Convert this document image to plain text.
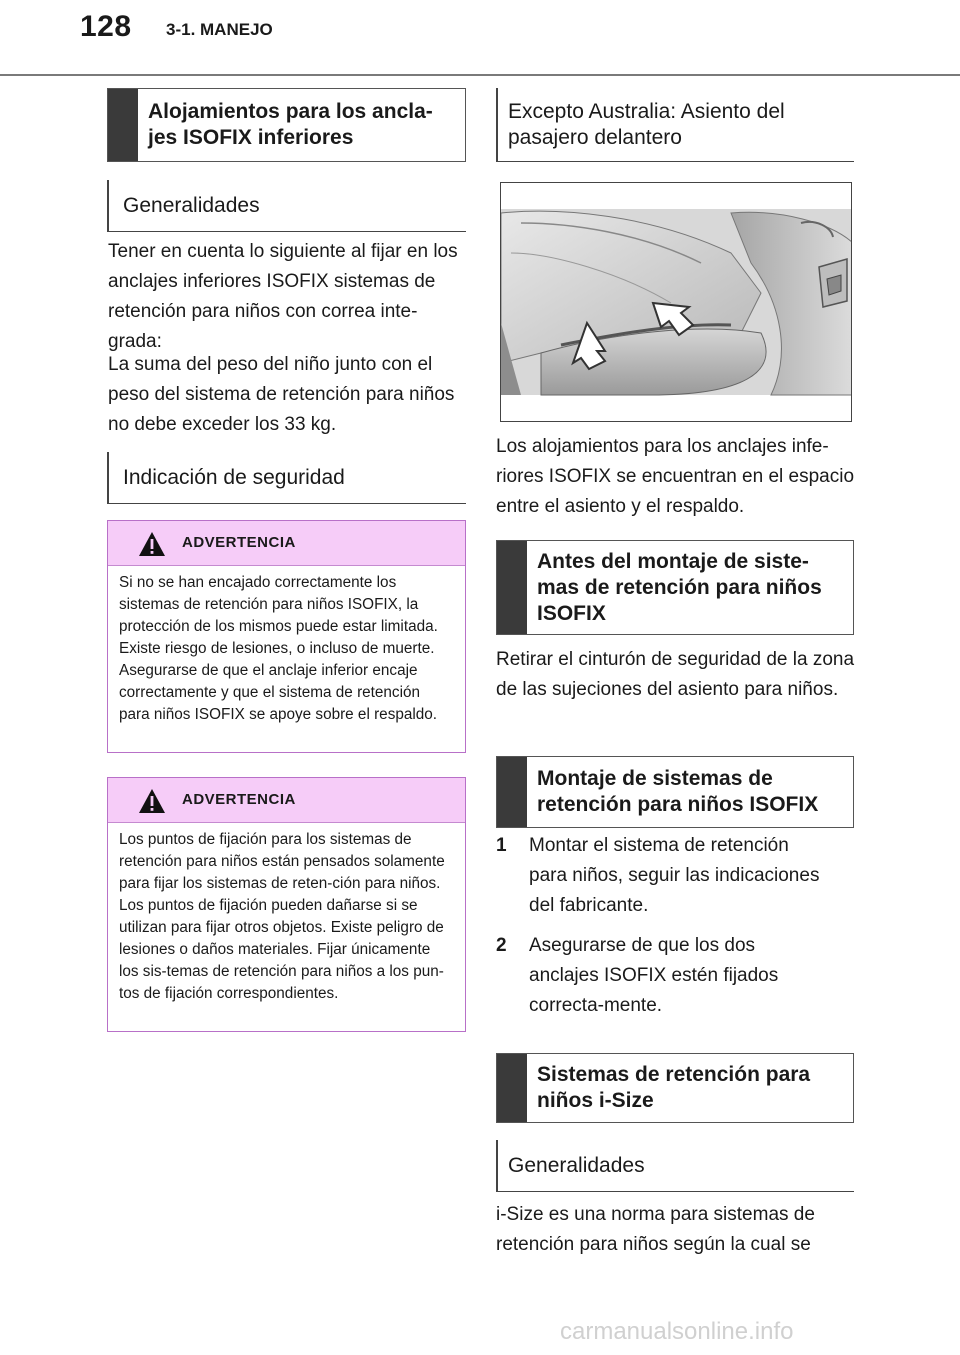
128 3-1. MANEJO
Alojamientos para los ancla-
jes ISOFIX inferiores
Generalidades
Tener en cuenta lo siguiente al fijar en los anclajes inferiores ISOFIX sistemas de retención para niños con correa inte-grada:
La suma del peso del niño junto con el peso del sistema de retención para niños no debe exceder los 33 kg.
Indicación de seguridad
ADVERTENCIA
Si no se han encajado correctamente los sistemas de retención para niños ISOFIX, la protección de los mismos puede estar limitada. Existe riesgo de lesiones, o incluso de muerte. Asegurarse de que el anclaje inferior encaje correctamente y que el sistema de retención para niños ISOFIX se apoye sobre el respaldo.
ADVERTENCIA
Los puntos de fijación para los sistemas de retención para niños están pensados solamente para fijar los sistemas de reten-ción para niños. Los puntos de fijación pueden dañarse si se utilizan para fijar otros objetos. Existe peligro de lesiones o daños materiales. Fijar únicamente los sis-temas de retención para niños a los pun-tos de fijación correspondientes.
Excepto Australia: Asiento del
pasajero delantero
Los alojamientos para los anclajes infe-riores ISOFIX se encuentran en el espacio entre el asiento y el respaldo.
Antes del montaje de siste-
mas de retención para niños
ISOFIX
Retirar el cinturón de seguridad de la zona de las sujeciones del asiento para niños.
Montaje de sistemas de
retención para niños ISOFIX
1 Montar el sistema de retención para niños, seguir las indicaciones del fabricante.
2 Asegurarse de que los dos anclajes ISOFIX estén fijados correcta-mente.
Sistemas de retención para
niños i-Size
Generalidades
i-Size es una norma para sistemas de retención para niños según la cual se
carmanualsonline.info
